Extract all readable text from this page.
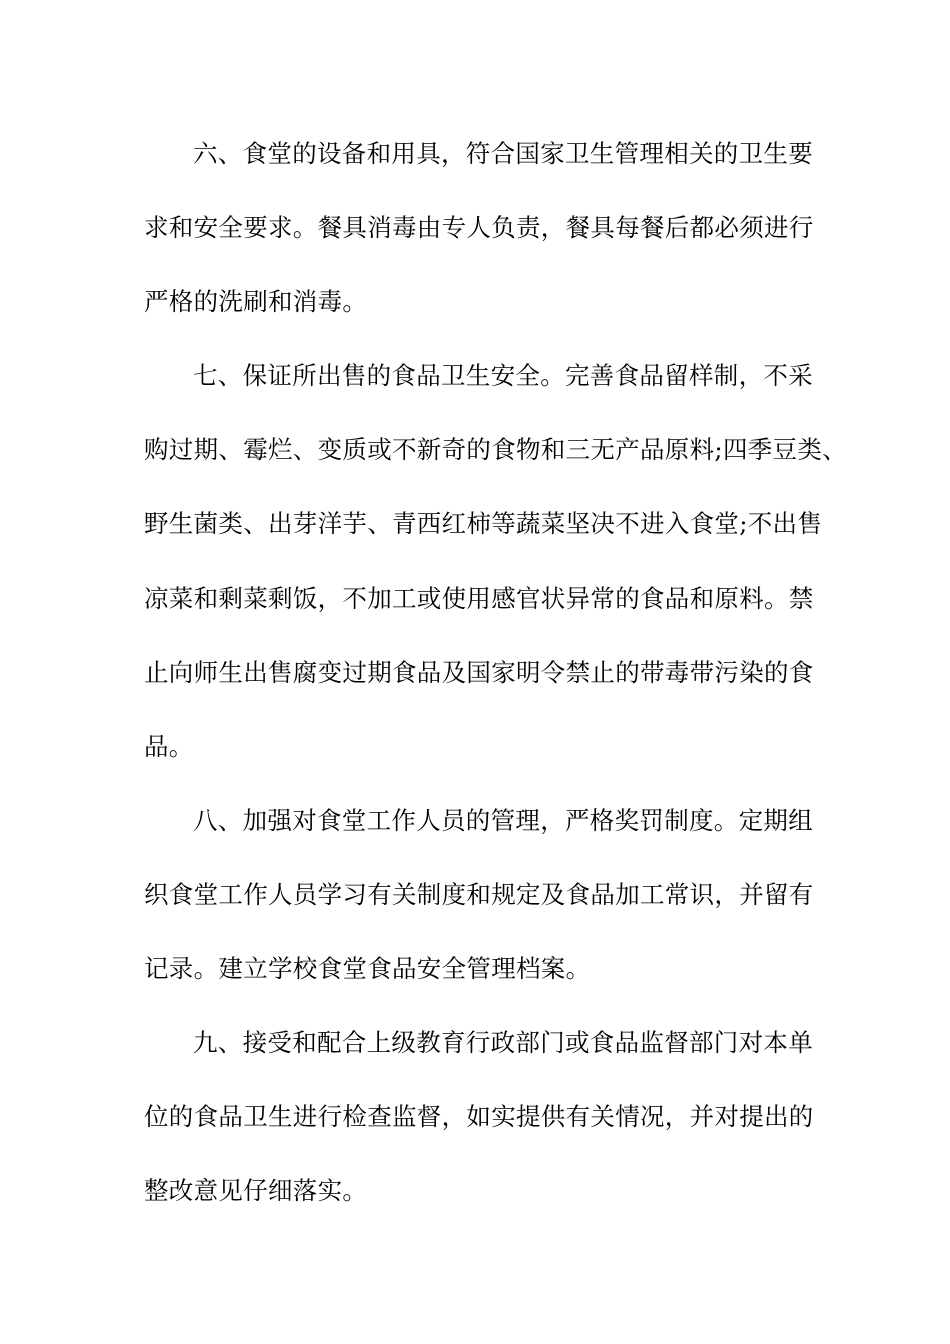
六、食堂的设备和用具，符合国家卫生管理相关的卫生要
求和安全要求。餐具消毒由专人负责，餐具每餐后都必须进行
严格的洗刷和消毒。
七、保证所出售的食品卫生安全。完善食品留样制，不采
购过期、霉烂、变质或不新奇的食物和三无产品原料;四季豆类、
野生菌类、出芽洋芋、青西红柿等蔬菜坚决不进入食堂;不出售
凉菜和剩菜剩饭，不加工或使用感官状异常的食品和原料。禁
止向师生出售腐变过期食品及国家明令禁止的带毒带污染的食
品。
八、加强对食堂工作人员的管理，严格奖罚制度。定期组
织食堂工作人员学习有关制度和规定及食品加工常识，并留有
记录。建立学校食堂食品安全管理档案。
九、接受和配合上级教育行政部门或食品监督部门对本单
位的食品卫生进行检查监督，如实提供有关情况，并对提出的
整改意见仔细落实。
